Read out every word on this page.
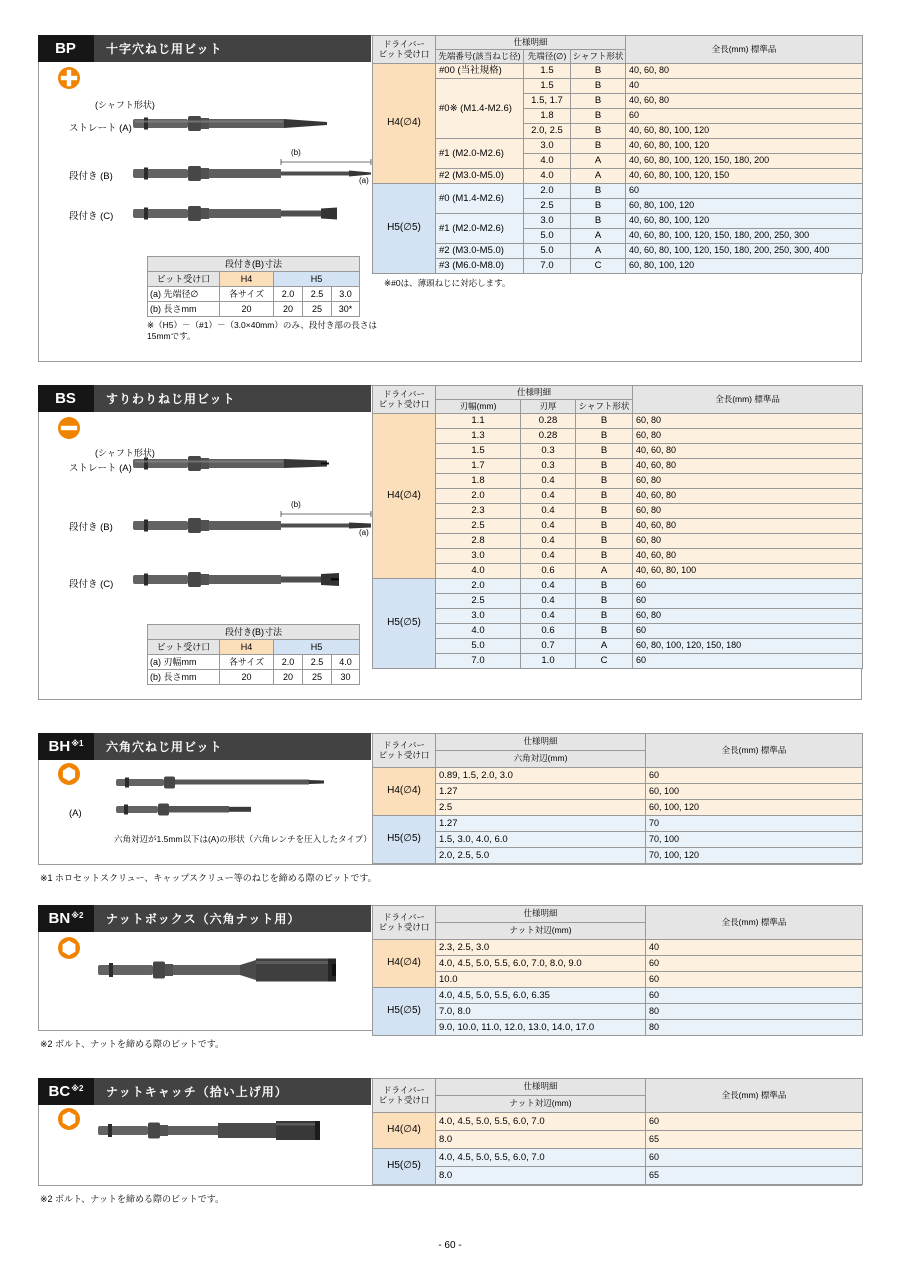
BP	十字穴ねじ用ビット
(シャフト形状)
ストレート (A)
段付き (B)
(b)
(a)
段付き (C)
段付き(B)寸法				
ビット受け口	H4	H5		
(a) 先端径∅	各サイズ	2.0	2.5	3.0
(b) 長さmm	20	20	25	30*
※（H5）－（#1）－（3.0×40mm）のみ、段付き部の長さは15mmです。
ドライバー
ビット受け口	仕様明細			全長(mm) 標準品
	先端番号(該当ねじ径)	先端径(∅)	シャフト形状	
H4(∅4)	#00 (当社規格)	1.5	B	40, 60, 80
	#0※ (M1.4-M2.6)	1.5	B	40
		1.5, 1.7	B	40, 60, 80
		1.8	B	60
		2.0, 2.5	B	40, 60, 80, 100, 120
	#1 (M2.0-M2.6)	3.0	B	40, 60, 80, 100, 120
		4.0	A	40, 60, 80, 100, 120, 150, 180, 200
	#2 (M3.0-M5.0)	4.0	A	40, 60, 80, 100, 120, 150
H5(∅5)	#0 (M1.4-M2.6)	2.0	B	60
		2.5	B	60, 80, 100, 120
	#1 (M2.0-M2.6)	3.0	B	40, 60, 80, 100, 120
		5.0	A	40, 60, 80, 100, 120, 150, 180, 200, 250, 300
	#2 (M3.0-M5.0)	5.0	A	40, 60, 80, 100, 120, 150, 180, 200, 250, 300, 400
	#3 (M6.0-M8.0)	7.0	C	60, 80, 100, 120
※#0は、薄頭ねじに対応します。
BS	すりわりねじ用ビット
(シャフト形状)
ストレート (A)
段付き (B)
(b)
(a)
段付き (C)
段付き(B)寸法				
ビット受け口	H4	H5		
(a) 刃幅mm	各サイズ	2.0	2.5	4.0
(b) 長さmm	20	20	25	30
ドライバー
ビット受け口	仕様明細			全長(mm) 標準品
	刃幅(mm)	刃厚	シャフト形状	
H4(∅4)	1.1	0.28	B	60, 80
	1.3	0.28	B	60, 80
	1.5	0.3	B	40, 60, 80
	1.7	0.3	B	40, 60, 80
	1.8	0.4	B	60, 80
	2.0	0.4	B	40, 60, 80
	2.3	0.4	B	60, 80
	2.5	0.4	B	40, 60, 80
	2.8	0.4	B	60, 80
	3.0	0.4	B	40, 60, 80
	4.0	0.6	A	40, 60, 80, 100
H5(∅5)	2.0	0.4	B	60
	2.5	0.4	B	60
	3.0	0.4	B	60, 80
	4.0	0.6	B	60
	5.0	0.7	A	60, 80, 100, 120, 150, 180
	7.0	1.0	C	60
BH$^{※1}$	六角穴ねじ用ビット
(A)
六角対辺が1.5mm以下は(A)の形状（六角レンチを圧入したタイプ）
ドライバー
ビット受け口	仕様明細	全長(mm) 標準品
	六角対辺(mm)	
H4(∅4)	0.89, 1.5, 2.0, 3.0	60
	1.27	60, 100
	2.5	60, 100, 120
H5(∅5)	1.27	70
	1.5, 3.0, 4.0, 6.0	70, 100
	2.0, 2.5, 5.0	70, 100, 120
※1 ホロセットスクリュー、キャップスクリュー等のねじを締める際のビットです。
BN$^{※2}$	ナットボックス（六角ナット用）	ドライバー
ビット受け口	仕様明細	全長(mm) 標準品
	ナット対辺(mm)	
H4(∅4)	2.3, 2.5, 3.0	40
	4.0, 4.5, 5.0, 5.5, 6.0, 7.0, 8.0, 9.0	60
	10.0	60
H5(∅5)	4.0, 4.5, 5.0, 5.5, 6.0, 6.35	60
	7.0, 8.0	80
	9.0, 10.0, 11.0, 12.0, 13.0, 14.0, 17.0	80
※2 ボルト、ナットを締める際のビットです。
BC$^{※2}$	ナットキャッチ（拾い上げ用）	ドライバー
ビット受け口	仕様明細	全長(mm) 標準品
	ナット対辺(mm)	
H4(∅4)	4.0, 4.5, 5.0, 5.5, 6.0, 7.0	60
	8.0	65
H5(∅5)	4.0, 4.5, 5.0, 5.5, 6.0, 7.0	60
	8.0	65
※2 ボルト、ナットを締める際のビットです。
- 60 -
